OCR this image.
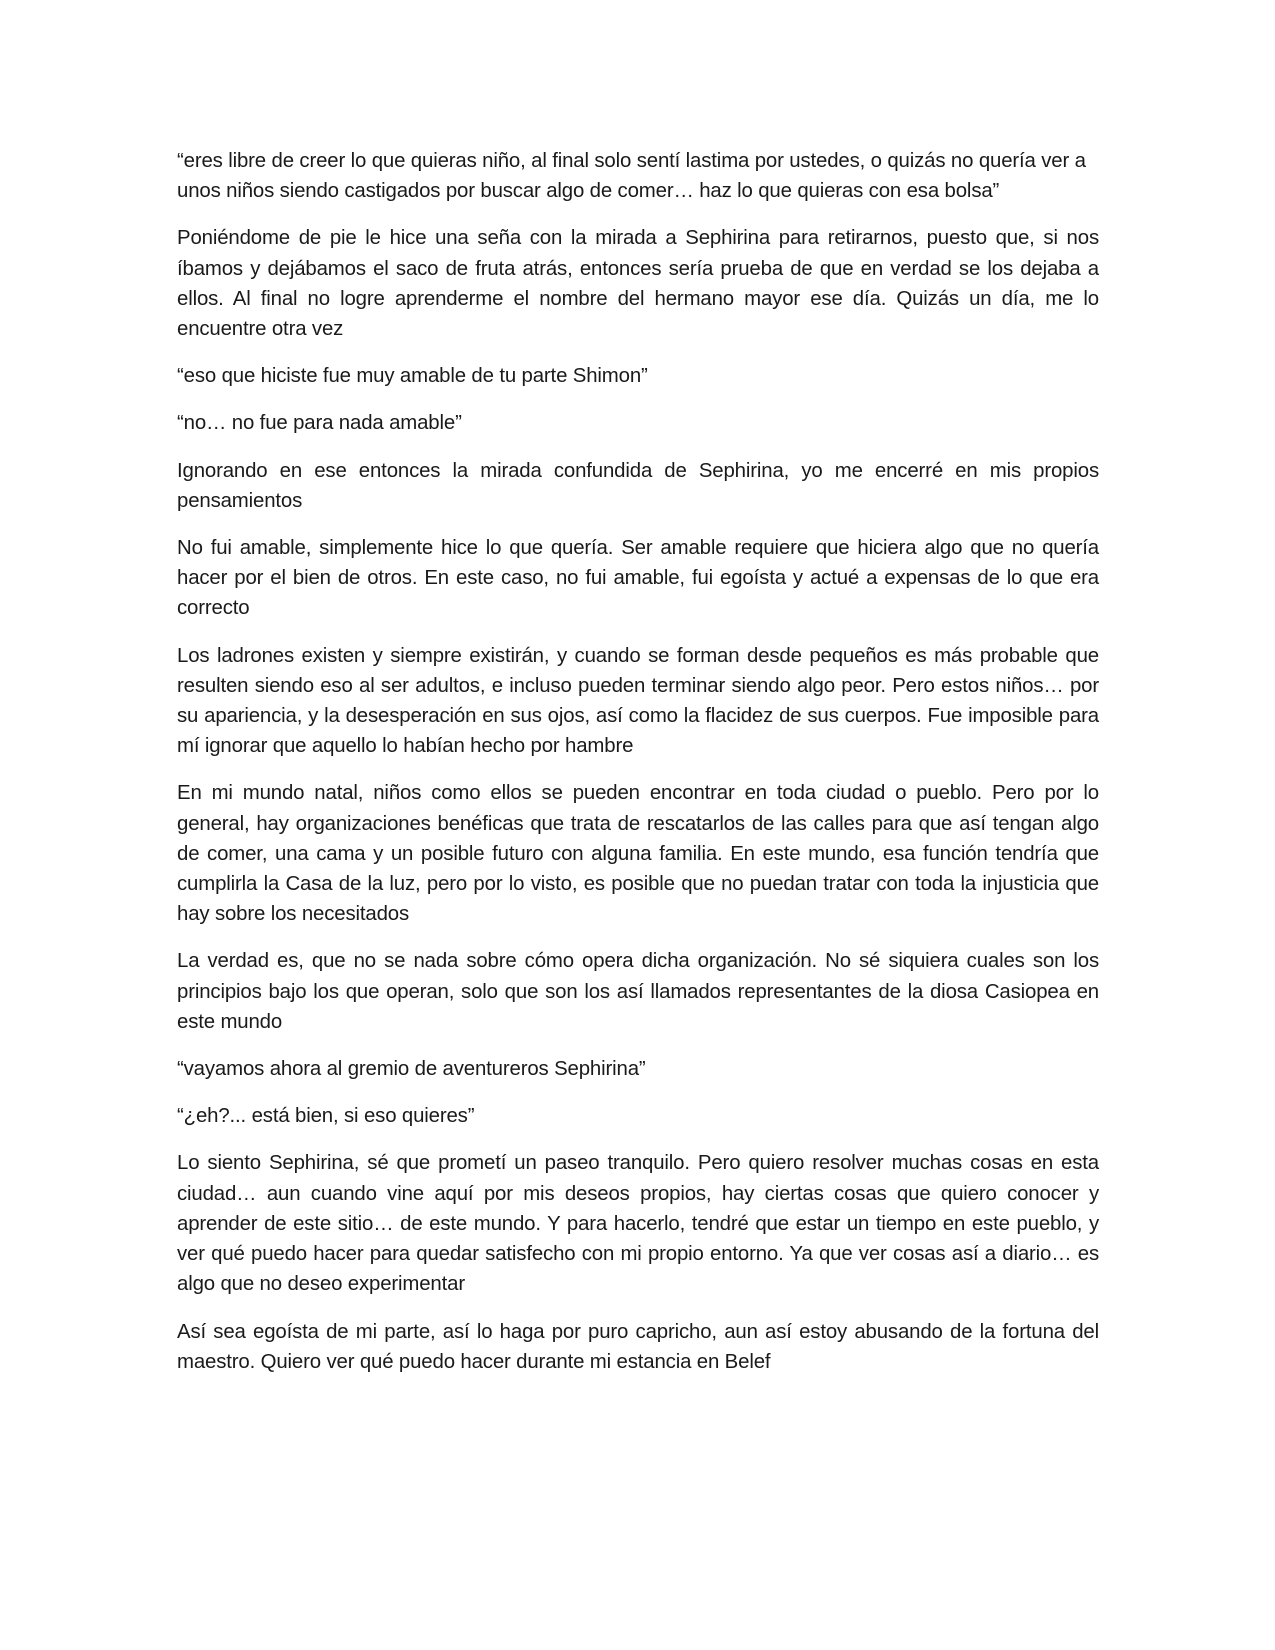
“eres libre de creer lo que quieras niño, al final solo sentí lastima por ustedes, o quizás no quería ver a unos niños siendo castigados por buscar algo de comer… haz lo que quieras con esa bolsa”

Poniéndome de pie le hice una seña con la mirada a Sephirina para retirarnos, puesto que, si nos íbamos y dejábamos el saco de fruta atrás, entonces sería prueba de que en verdad se los dejaba a ellos. Al final no logre aprenderme el nombre del hermano mayor ese día. Quizás un día, me lo encuentre otra vez

“eso que hiciste fue muy amable de tu parte Shimon”

“no… no fue para nada amable”

Ignorando en ese entonces la mirada confundida de Sephirina, yo me encerré en mis propios pensamientos

No fui amable, simplemente hice lo que quería. Ser amable requiere que hiciera algo que no quería hacer por el bien de otros. En este caso, no fui amable, fui egoísta y actué a expensas de lo que era correcto

Los ladrones existen y siempre existirán, y cuando se forman desde pequeños es más probable que resulten siendo eso al ser adultos, e incluso pueden terminar siendo algo peor. Pero estos niños… por su apariencia, y la desesperación en sus ojos, así como la flacidez de sus cuerpos. Fue imposible para mí ignorar que aquello lo habían hecho por hambre

En mi mundo natal, niños como ellos se pueden encontrar en toda ciudad o pueblo. Pero por lo general, hay organizaciones benéficas que trata de rescatarlos de las calles para que así tengan algo de comer, una cama y un posible futuro con alguna familia. En este mundo, esa función tendría que cumplirla la Casa de la luz, pero por lo visto, es posible que no puedan tratar con toda la injusticia que hay sobre los necesitados

La verdad es, que no se nada sobre cómo opera dicha organización. No sé siquiera cuales son los principios bajo los que operan, solo que son los así llamados representantes de la diosa Casiopea en este mundo

“vayamos ahora al gremio de aventureros Sephirina”

“¿eh?... está bien, si eso quieres”

Lo siento Sephirina, sé que prometí un paseo tranquilo. Pero quiero resolver muchas cosas en esta ciudad… aun cuando vine aquí por mis deseos propios, hay ciertas cosas que quiero conocer y aprender de este sitio… de este mundo. Y para hacerlo, tendré que estar un tiempo en este pueblo, y ver qué puedo hacer para quedar satisfecho con mi propio entorno. Ya que ver cosas así a diario… es algo que no deseo experimentar

Así sea egoísta de mi parte, así lo haga por puro capricho, aun así estoy abusando de la fortuna del maestro. Quiero ver qué puedo hacer durante mi estancia en Belef
